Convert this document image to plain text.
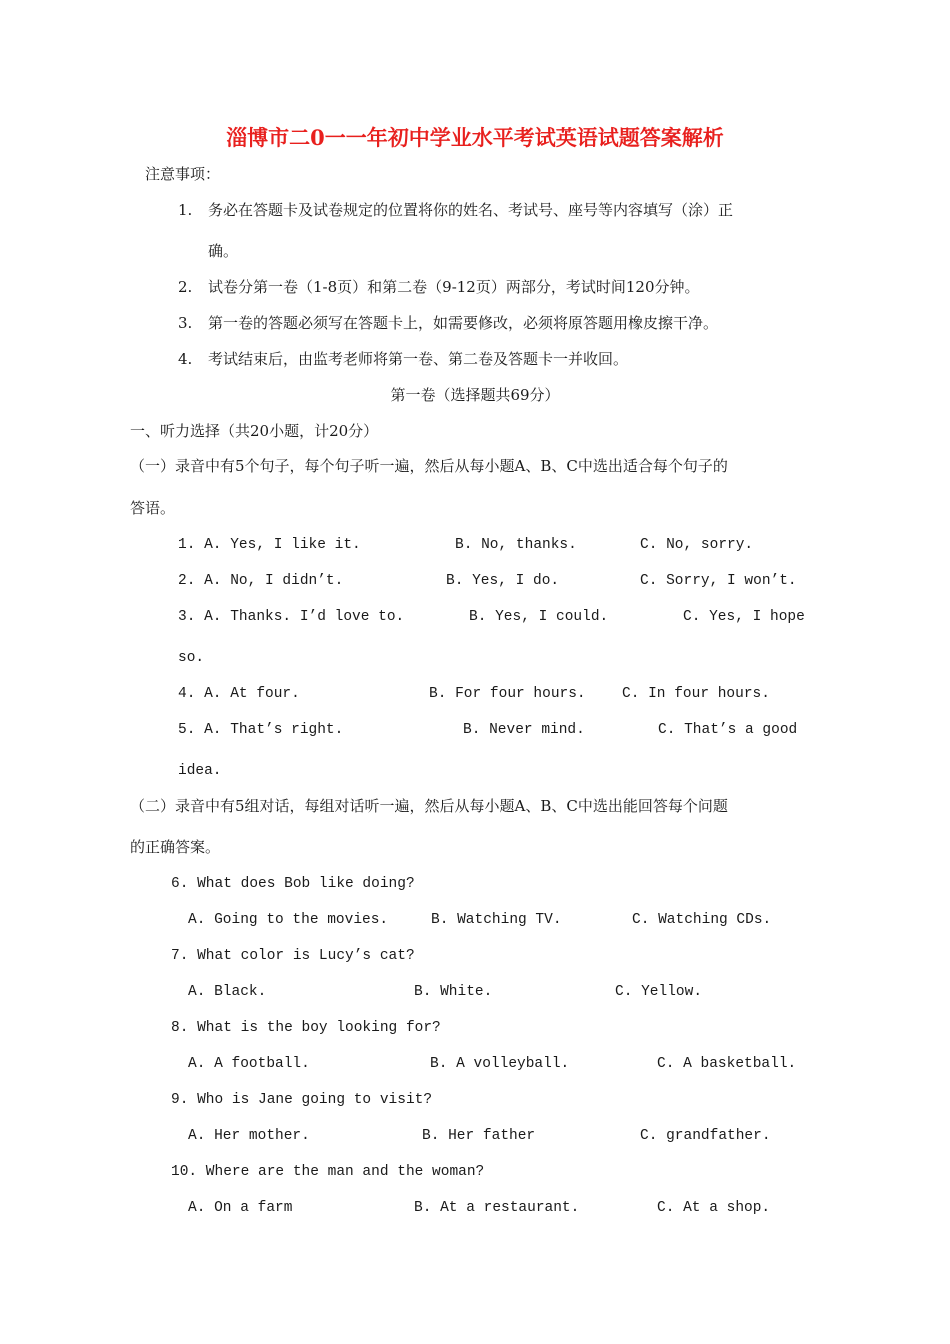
淄博市二0一一年初中学业水平考试英语试题答案解析
注意事项：
1. 务必在答题卡及试卷规定的位置将你的姓名、考试号、座号等内容填写（涂）正
确。
2. 试卷分第一卷（1-8页）和第二卷（9-12页）两部分，考试时间120分钟。
3. 第一卷的答题必须写在答题卡上，如需要修改，必须将原答题用橡皮擦干净。
4. 考试结束后，由监考老师将第一卷、第二卷及答题卡一并收回。
第一卷（选择题共69分）
一、听力选择（共20小题，计20分）
（一）录音中有5个句子，每个句子听一遍，然后从每小题A、B、C中选出适合每个句子的
答语。
1. A. Yes, I like it.	B. No, thanks.	C. No, sorry.
2. A. No, I didn’t.	B. Yes, I do.	C. Sorry, I won’t.
3. A. Thanks. I’d love to.	B. Yes, I could.	C. Yes, I hope
so.
4. A. At four.	B. For four hours.	C. In four hours.
5. A. That’s right.	B. Never mind.	C. That’s a good
idea.
（二）录音中有5组对话，每组对话听一遍，然后从每小题A、B、C中选出能回答每个问题
的正确答案。
6. What does Bob like doing?
A. Going to the movies.	B. Watching TV.	C. Watching CDs.
7. What color is Lucy’s cat?
A. Black.	B. White.	C. Yellow.
8. What is the boy looking for?
A. A football.	B. A volleyball.	C. A basketball.
9. Who is Jane going to visit?
A. Her mother.	B. Her father	C. grandfather.
10. Where are the man and the woman?
A. On a farm	B. At a restaurant.	C. At a shop.
